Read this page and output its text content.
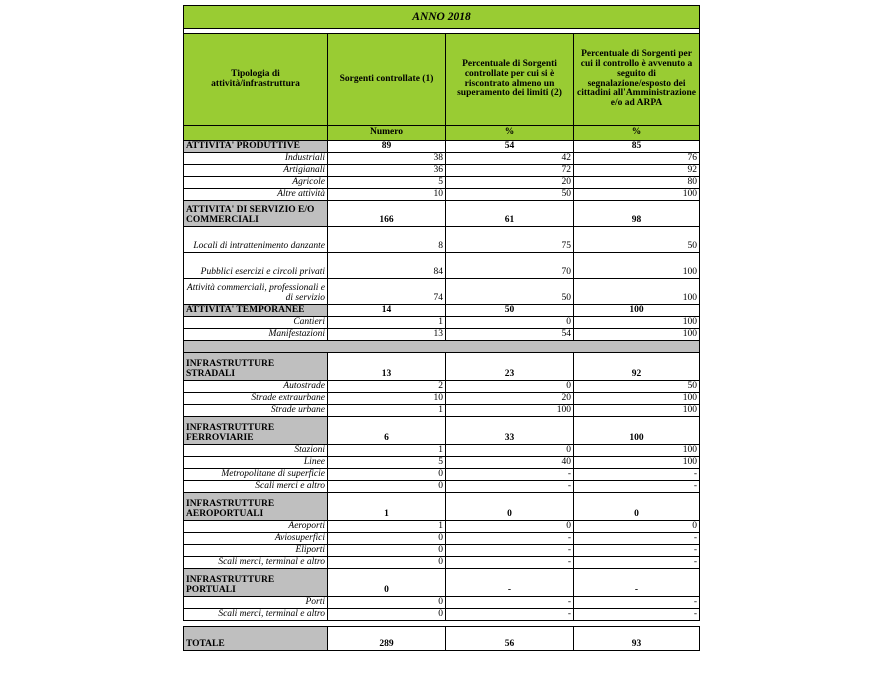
ANNO 2018			

Tipologia di attività/infrastruttura	Sorgenti controllate (1)	Percentuale di Sorgenti controllate per cui si è riscontrato almeno un superamento dei limiti (2)	Percentuale di Sorgenti per cui il controllo è avvenuto a seguito di segnalazione/esposto dei cittadini all'Amministrazione e/o ad ARPA
	Numero	%	%
ATTIVITA' PRODUTTIVE	89	54	85
Industriali	38	42	76
Artigianali	36	72	92
Agricole	5	20	80
Altre attività	10	50	100
ATTIVITA' DI SERVIZIO E/O COMMERCIALI	166	61	98
Locali di intrattenimento danzante	8	75	50
Pubblici esercizi e circoli privati	84	70	100
Attività commerciali, professionali e di servizio	74	50	100
ATTIVITA' TEMPORANEE	14	50	100
Cantieri	1	0	100
Manifestazioni	13	54	100

INFRASTRUTTURE STRADALI	13	23	92
Autostrade	2	0	50
Strade extraurbane	10	20	100
Strade urbane	1	100	100
INFRASTRUTTURE FERROVIARIE	6	33	100
Stazioni	1	0	100
Linee	5	40	100
Metropolitane di superficie	0	-	-
Scali merci e altro	0	-	-
INFRASTRUTTURE AEROPORTUALI	1	0	0
Aeroporti	1	0	0
Aviosuperfici	0	-	-
Eliporti	0	-	-
Scali merci, terminal e altro	0	-	-
INFRASTRUTTURE PORTUALI	0	-	-
Porti	0	-	-
Scali merci, terminal e altro	0	-	-

TOTALE	289	56	93
